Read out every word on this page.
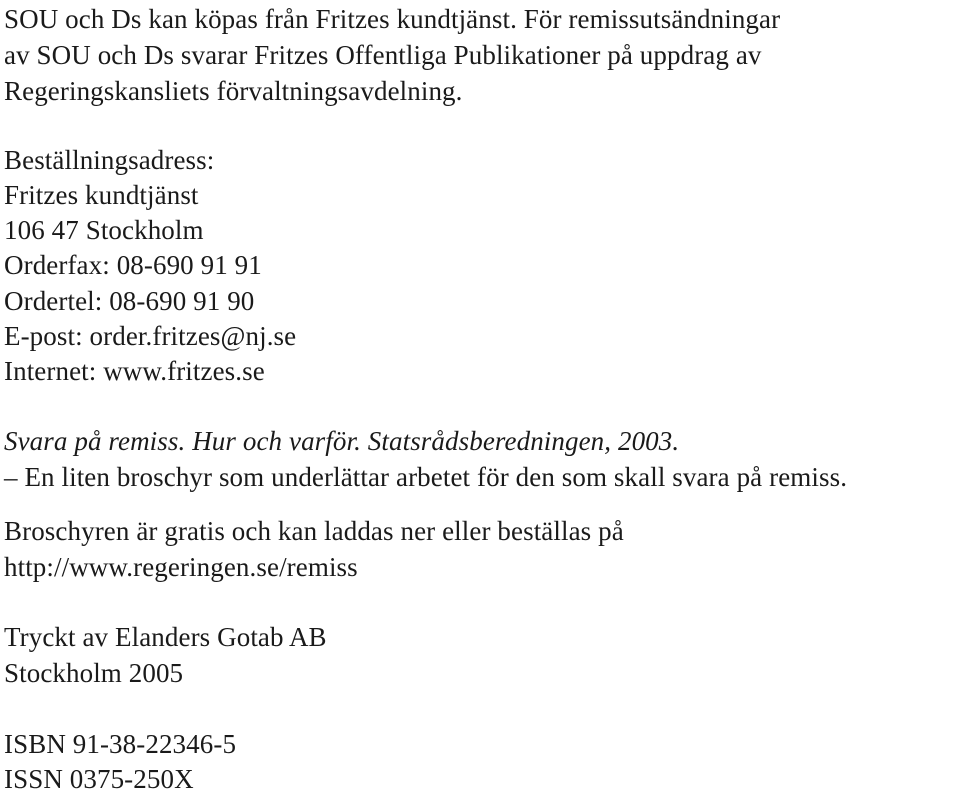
SOU och Ds kan köpas från Fritzes kundtjänst. För remissutsändningar
av SOU och Ds svarar Fritzes Offentliga Publikationer på uppdrag av
Regeringskansliets förvaltningsavdelning.
Beställningsadress:
Fritzes kundtjänst
106 47 Stockholm
Orderfax: 08-690 91 91
Ordertel: 08-690 91 90
E-post: order.fritzes@nj.se
Internet: www.fritzes.se
Svara på remiss. Hur och varför. Statsrådsberedningen, 2003.
– En liten broschyr som underlättar arbetet för den som skall svara på remiss.
Broschyren är gratis och kan laddas ner eller beställas på
http://www.regeringen.se/remiss
Tryckt av Elanders Gotab AB
Stockholm 2005
ISBN 91-38-22346-5
ISSN 0375-250X
